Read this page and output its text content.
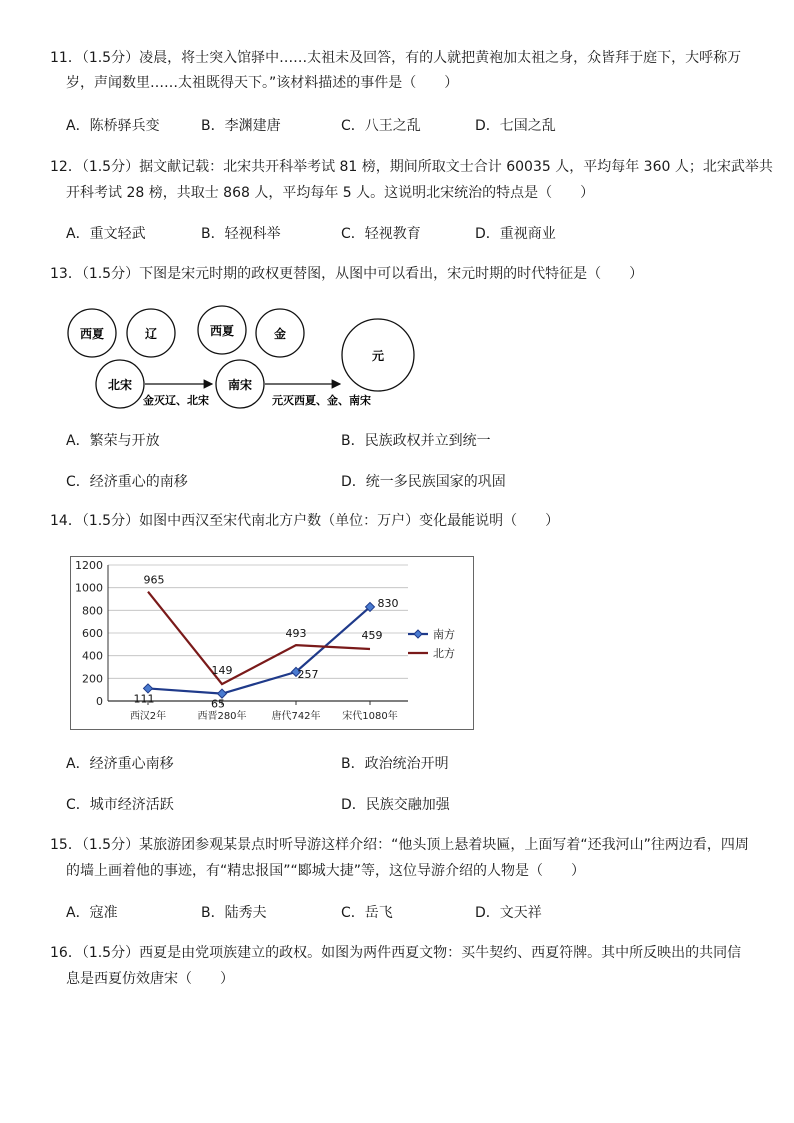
11．（1.5分）凌晨，将士突入馆驿中……太祖未及回答，有的人就把黄袍加太祖之身，众皆拜于庭下，大呼称万
岁，声闻数里……太祖既得天下。”该材料描述的事件是（　　）
A．陈桥驿兵变	B．李渊建唐	C．八王之乱	D．七国之乱
12．（1.5分）据文献记载：北宋共开科举考试 81 榜，期间所取文士合计 60035 人，平均每年 360 人；北宋武举共
开科考试 28 榜，共取士 868 人，平均每年 5 人。这说明北宋统治的特点是（　　）
A．重文轻武	B．轻视科举	C．轻视教育	D．重视商业
13．（1.5分）下图是宋元时期的政权更替图，从图中可以看出，宋元时期的时代特征是（　　）
西夏	辽
北宋
西夏	金
南宋
元
金灭辽、北宋	元灭西夏、金、南宋
A．繁荣与开放	B．民族政权并立到统一
C．经济重心的南移	D．统一多民族国家的巩固
14．（1.5分）如图中西汉至宋代南北方户数（单位：万户）变化最能说明（　　）
0
200
400
600
800
1000
1200
西汉2年	西晋280年 唐代742年 宋代1080年
111	65
257
830
965
149
493	459	南方
北方
A．经济重心南移	B．政治统治开明
C．城市经济活跃	D．民族交融加强
15．（1.5分）某旅游团参观某景点时听导游这样介绍：“他头顶上悬着块匾，上面写着“还我河山”往两边看，四周
的墙上画着他的事迹，有“精忠报国”“郾城大捷”等，这位导游介绍的人物是（　　）
A．寇准	B．陆秀夫	C．岳飞	D．文天祥
16．（1.5分）西夏是由党项族建立的政权。如图为两件西夏文物：买牛契约、西夏符牌。其中所反映出的共同信
息是西夏仿效唐宋（　　）
